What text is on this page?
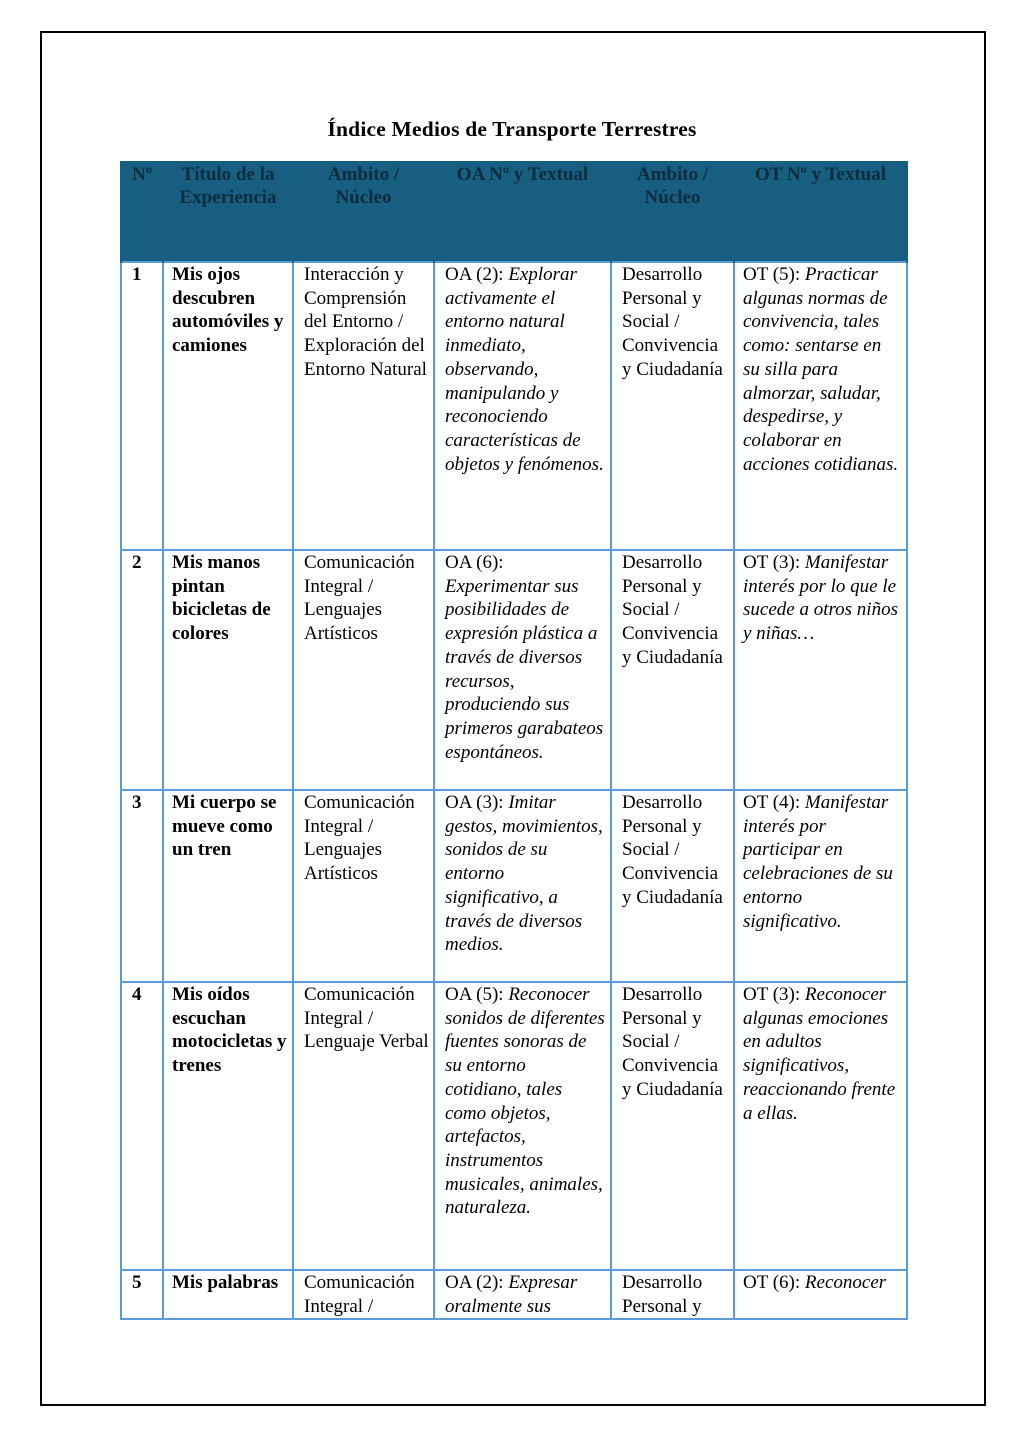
Índice Medios de Transporte Terrestres
Nº	Título de la Experiencia	Ambito / Núcleo	OA Nº y Textual	Ambito / Núcleo	OT Nº y Textual
1	Mis ojos descubren automóviles y camiones	Interacción y Comprensión del Entorno / Exploración del Entorno Natural	OA (2): Explorar activamente el entorno natural inmediato, observando, manipulando y reconociendo características de objetos y fenómenos.	Desarrollo Personal y Social / Convivencia y Ciudadanía	OT (5): Practicar algunas normas de convivencia, tales como: sentarse en su silla para almorzar, saludar, despedirse, y colaborar en acciones cotidianas.
2	Mis manos pintan bicicletas de colores	Comunicación Integral / Lenguajes Artísticos	OA (6): Experimentar sus posibilidades de expresión plástica a través de diversos recursos, produciendo sus primeros garabateos espontáneos.	Desarrollo Personal y Social / Convivencia y Ciudadanía	OT (3): Manifestar interés por lo que le sucede a otros niños y niñas…
3	Mi cuerpo se mueve como un tren	Comunicación Integral / Lenguajes Artísticos	OA (3): Imitar gestos, movimientos, sonidos de su entorno significativo, a través de diversos medios.	Desarrollo Personal y Social / Convivencia y Ciudadanía	OT (4): Manifestar interés por participar en celebraciones de su entorno significativo.
4	Mis oídos escuchan motocicletas y trenes	Comunicación Integral / Lenguaje Verbal	OA (5): Reconocer sonidos de diferentes fuentes sonoras de su entorno cotidiano, tales como objetos, artefactos, instrumentos musicales, animales, naturaleza.	Desarrollo Personal y Social / Convivencia y Ciudadanía	OT (3): Reconocer algunas emociones en adultos significativos, reaccionando frente a ellas.
5	Mis palabras	Comunicación Integral /	OA (2): Expresar oralmente sus	Desarrollo Personal y	OT (6): Reconocer
